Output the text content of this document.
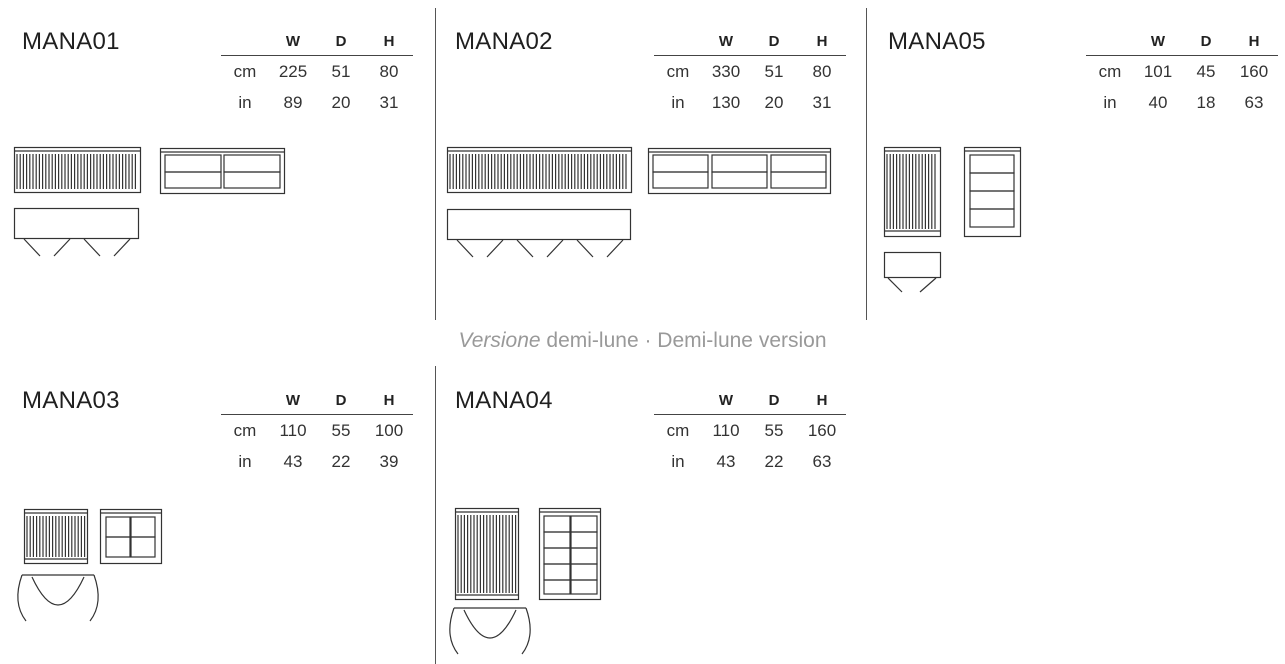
Versione demi-lune · Demi-lune version
MANA01
		W	D	H
cm	225	51	80
in	89	20	31
MANA02
		W	D	H
cm	330	51	80
in	130	20	31
MANA05
		W	D	H
cm	101	45	160
in	40	18	63
MANA03
		W	D	H
cm	110	55	100
in	43	22	39
MANA04
		W	D	H
cm	110	55	160
in	43	22	63
